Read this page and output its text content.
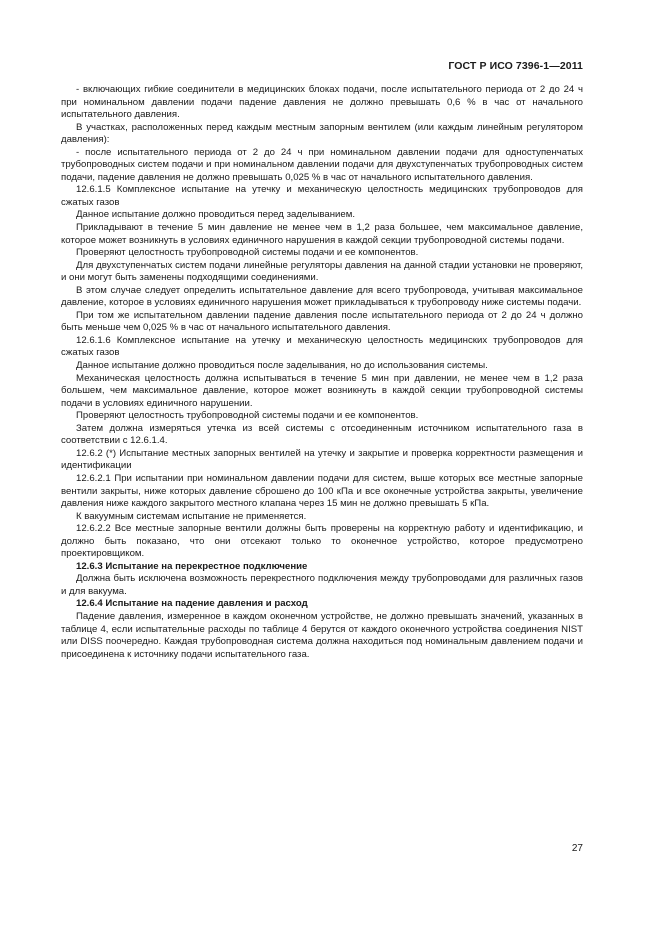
ГОСТ Р ИСО 7396-1—2011

- включающих гибкие соединители в медицинских блоках подачи, после испытательного периода от 2 до 24 ч при номинальном давлении подачи падение давления не должно превышать 0,6 % в час от начального испытательного давления.

В участках, расположенных перед каждым местным запорным вентилем (или каждым линейным регулятором давления):

- после испытательного периода от 2 до 24 ч при номинальном давлении подачи для одноступенчатых трубопроводных систем подачи и при номинальном давлении подачи для двухступенчатых трубопроводных систем подачи, падение давления не должно превышать 0,025 % в час от начального испытательного давления.

12.6.1.5 Комплексное испытание на утечку и механическую целостность медицинских трубопроводов для сжатых газов

Данное испытание должно проводиться перед заделыванием.

Прикладывают в течение 5 мин давление не менее чем в 1,2 раза большее, чем максимальное давление, которое может возникнуть в условиях единичного нарушения в каждой секции трубопроводной системы подачи.

Проверяют целостность трубопроводной системы подачи и ее компонентов.

Для двухступенчатых систем подачи линейные регуляторы давления на данной стадии установки не проверяют, и они могут быть заменены подходящими соединениями.

В этом случае следует определить испытательное давление для всего трубопровода, учитывая максимальное давление, которое в условиях единичного нарушения может прикладываться к трубопроводу ниже системы подачи.

При том же испытательном давлении падение давления после испытательного периода от 2 до 24 ч должно быть меньше чем 0,025 % в час от начального испытательного давления.

12.6.1.6 Комплексное испытание на утечку и механическую целостность медицинских трубопроводов для сжатых газов

Данное испытание должно проводиться после заделывания, но до использования системы.

Механическая целостность должна испытываться в течение 5 мин при давлении, не менее чем в 1,2 раза большем, чем максимальное давление, которое может возникнуть в каждой секции трубопроводной системы подачи в условиях единичного нарушении.

Проверяют целостность трубопроводной системы подачи и ее компонентов.

Затем должна измеряться утечка из всей системы с отсоединенным источником испытательного газа в соответствии с 12.6.1.4.

12.6.2 (*) Испытание местных запорных вентилей на утечку и закрытие и проверка корректности размещения и идентификации

12.6.2.1 При испытании при номинальном давлении подачи для систем, выше которых все местные запорные вентили закрыты, ниже которых давление сброшено до 100 кПа и все оконечные устройства закрыты, увеличение давления ниже каждого закрытого местного клапана через 15 мин не должно превышать 5 кПа.

К вакуумным системам испытание не применяется.

12.6.2.2 Все местные запорные вентили должны быть проверены на корректную работу и идентификацию, и должно быть показано, что они отсекают только то оконечное устройство, которое предусмотрено проектировщиком.

12.6.3 Испытание на перекрестное подключение

Должна быть исключена возможность перекрестного подключения между трубопроводами для различных газов и для вакуума.

12.6.4 Испытание на падение давления и расход

Падение давления, измеренное в каждом оконечном устройстве, не должно превышать значений, указанных в таблице 4, если испытательные расходы по таблице 4 берутся от каждого оконечного устройства соединения NIST или DISS поочередно. Каждая трубопроводная система должна находиться под номинальным давлением подачи и присоединена к источнику подачи испытательного газа.

27
